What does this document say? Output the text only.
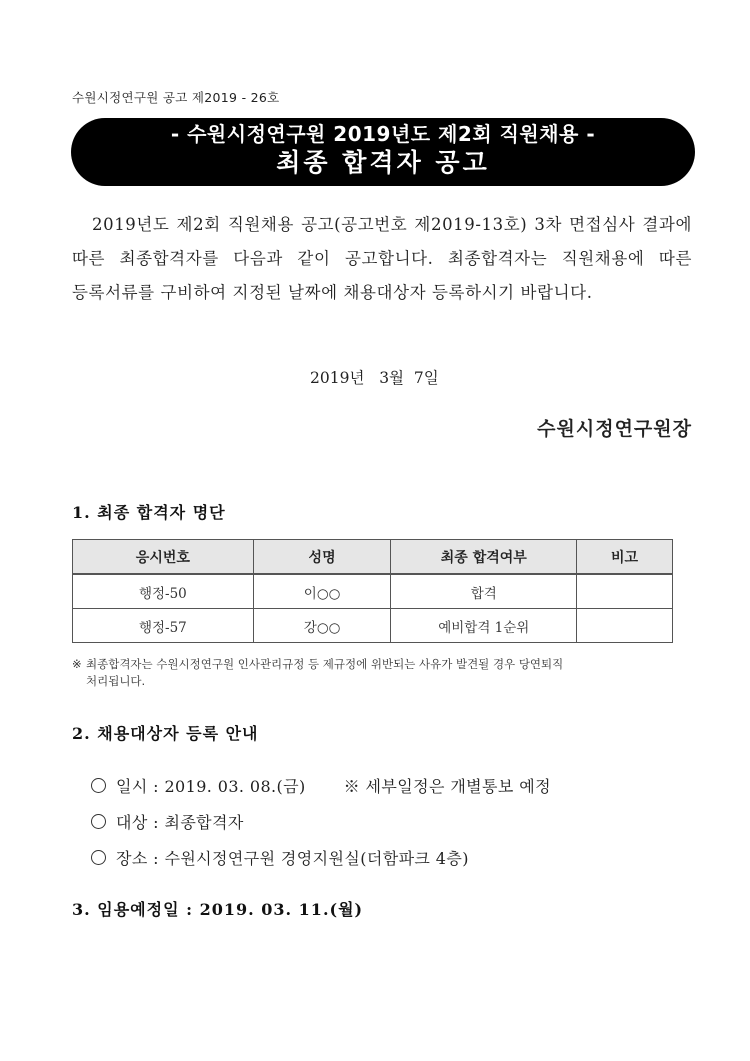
수원시정연구원 공고 제2019 - 26호
- 수원시정연구원 2019년도 제2회 직원채용 -
최종 합격자 공고
2019년도 제2회 직원채용 공고(공고번호 제2019-13호) 3차 면접심사 결과에 따른 최종합격자를 다음과 같이 공고합니다. 최종합격자는 직원채용에 따른 등록서류를 구비하여 지정된 날짜에 채용대상자 등록하시기 바랍니다.
2019년   3월  7일
수원시정연구원장
1. 최종 합격자 명단
응시번호	성명	최종 합격여부	비고
행정-50	이○○	합격	
행정-57	강○○	예비합격 1순위	
※ 최종합격자는 수원시정연구원 인사관리규정 등 제규정에 위반되는 사유가 발견될 경우 당연퇴직
처리됩니다.
2. 채용대상자 등록 안내

일시 : 2019. 03. 08.(금) ※ 세부일정은 개별통보 예정

대상 : 최종합격자

장소 : 수원시정연구원 경영지원실(더함파크 4층)

3. 임용예정일 : 2019. 03. 11.(월)
